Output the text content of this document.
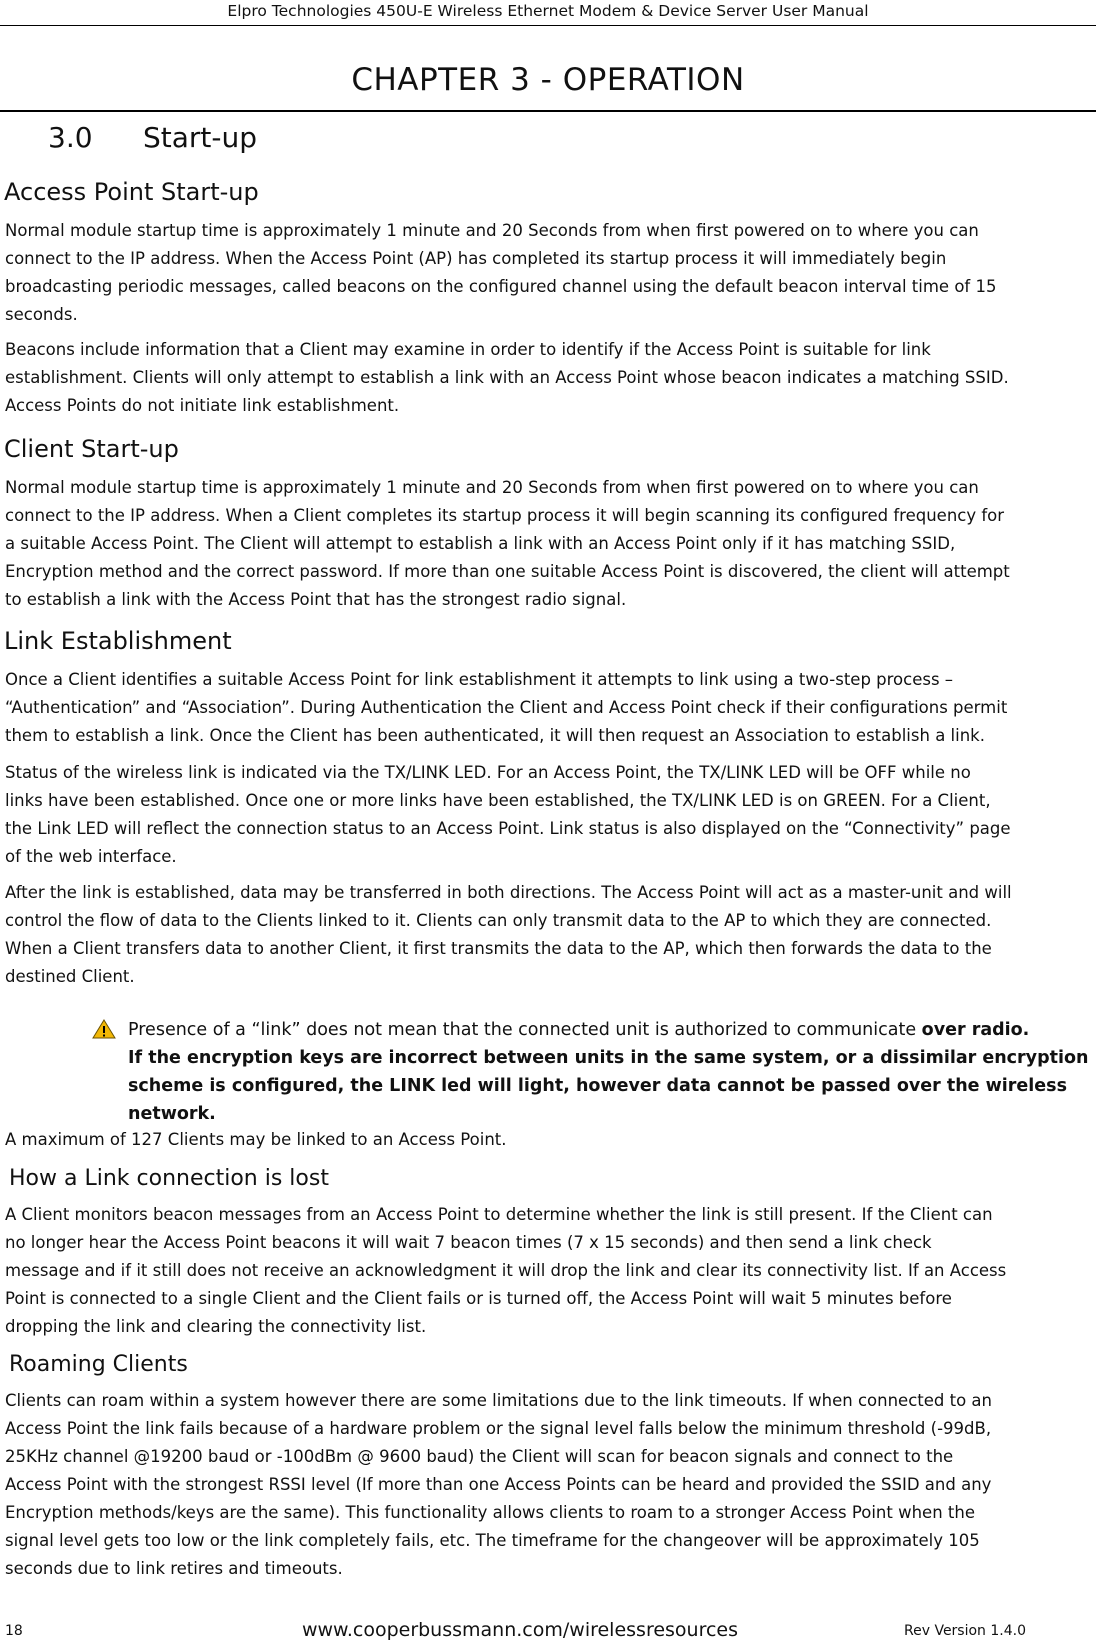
Elpro Technologies 450U-E Wireless Ethernet Modem & Device Server User Manual
CHAPTER 3 - OPERATION
3.0 Start-up
Access Point Start-up

Normal module startup time is approximately 1 minute and 20 Seconds from when first powered on to where you can
connect to the IP address. When the Access Point (AP) has completed its startup process it will immediately begin
broadcasting periodic messages, called beacons on the configured channel using the default beacon interval time of 15
seconds.

Beacons include information that a Client may examine in order to identify if the Access Point is suitable for link
establishment. Clients will only attempt to establish a link with an Access Point whose beacon indicates a matching SSID.
Access Points do not initiate link establishment.

Client Start-up

Normal module startup time is approximately 1 minute and 20 Seconds from when first powered on to where you can
connect to the IP address. When a Client completes its startup process it will begin scanning its configured frequency for
a suitable Access Point. The Client will attempt to establish a link with an Access Point only if it has matching SSID,
Encryption method and the correct password. If more than one suitable Access Point is discovered, the client will attempt
to establish a link with the Access Point that has the strongest radio signal.

Link Establishment

Once a Client identifies a suitable Access Point for link establishment it attempts to link using a two-step process –
“Authentication” and “Association”. During Authentication the Client and Access Point check if their configurations permit
them to establish a link. Once the Client has been authenticated, it will then request an Association to establish a link.

Status of the wireless link is indicated via the TX/LINK LED. For an Access Point, the TX/LINK LED will be OFF while no
links have been established. Once one or more links have been established, the TX/LINK LED is on GREEN. For a Client,
the Link LED will reflect the connection status to an Access Point. Link status is also displayed on the “Connectivity” page
of the web interface.

After the link is established, data may be transferred in both directions. The Access Point will act as a master-unit and will
control the flow of data to the Clients linked to it. Clients can only transmit data to the AP to which they are connected.
When a Client transfers data to another Client, it first transmits the data to the AP, which then forwards the data to the
destined Client.

Presence of a “link” does not mean that the connected unit is authorized to communicate over radio.
If the encryption keys are incorrect between units in the same system, or a dissimilar encryption
scheme is configured, the LINK led will light, however data cannot be passed over the wireless
network.

A maximum of 127 Clients may be linked to an Access Point.

How a Link connection is lost

A Client monitors beacon messages from an Access Point to determine whether the link is still present. If the Client can
no longer hear the Access Point beacons it will wait 7 beacon times (7 x 15 seconds) and then send a link check
message and if it still does not receive an acknowledgment it will drop the link and clear its connectivity list. If an Access
Point is connected to a single Client and the Client fails or is turned off, the Access Point will wait 5 minutes before
dropping the link and clearing the connectivity list.

Roaming Clients

Clients can roam within a system however there are some limitations due to the link timeouts. If when connected to an
Access Point the link fails because of a hardware problem or the signal level falls below the minimum threshold (-99dB,
25KHz channel @19200 baud or -100dBm @ 9600 baud) the Client will scan for beacon signals and connect to the
Access Point with the strongest RSSI level (If more than one Access Points can be heard and provided the SSID and any
Encryption methods/keys are the same). This functionality allows clients to roam to a stronger Access Point when the
signal level gets too low or the link completely fails, etc. The timeframe for the changeover will be approximately 105
seconds due to link retires and timeouts.

18	www.cooperbussmann.com/wirelessresources	Rev Version 1.4.0
